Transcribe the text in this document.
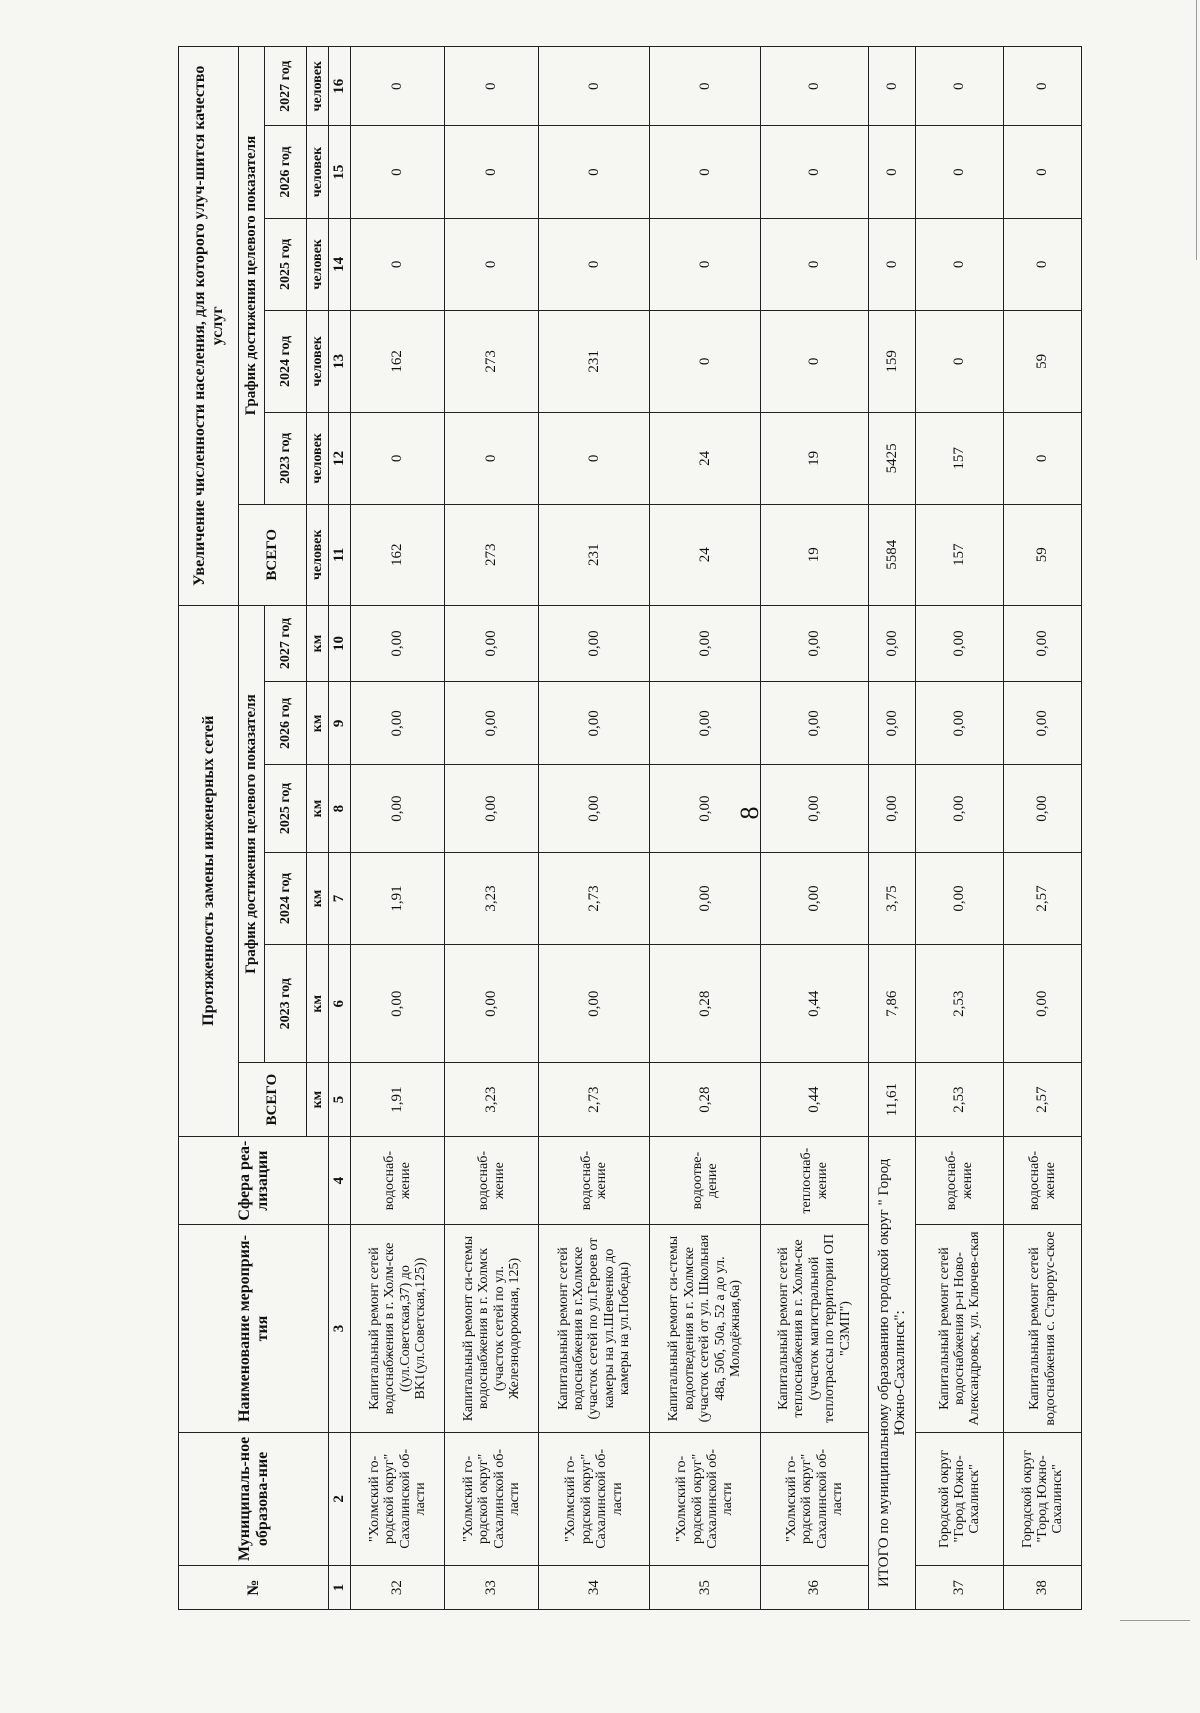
8
№	Муниципаль-ное образова-ние	Наименование мероприя-тия	Сфера реа-лизации	Протяженность замены инженерных сетей						Увеличение численности населения, для которого улуч-шится качество услуг					
				ВСЕГО	График достижения целевого показателя					ВСЕГО	График достижения целевого показателя				
					2023 год	2024 год	2025 год	2026 год	2027 год		2023 год	2024 год	2025 год	2026 год	2027 год
				км	км	км	км	км	км	человек	человек	человек	человек	человек	человек
1	2	3	4	5	6	7	8	9	10	11	12	13	14	15	16
32	"Холмский го-родской округ" Сахалинской об-ласти	Капитальный ремонт сетей водоснабжения в г. Холм-ске ((ул.Советская,37) до ВК1(ул.Советская,125))	водоснаб-жение	1,91	0,00	1,91	0,00	0,00	0,00	162	0	162	0	0	0
33	"Холмский го-родской округ" Сахалинской об-ласти	Капитальный ремонт си-стемы водоснабжения в г. Холмск (участок сетей по ул. Железнодорожная, 125)	водоснаб-жение	3,23	0,00	3,23	0,00	0,00	0,00	273	0	273	0	0	0
34	"Холмский го-родской округ" Сахалинской об-ласти	Капитальный ремонт сетей водоснабжения в г.Холмске (участок сетей по ул.Героев от камеры на ул.Шевченко до камеры на ул.Победы)	водоснаб-жение	2,73	0,00	2,73	0,00	0,00	0,00	231	0	231	0	0	0
35	"Холмский го-родской округ" Сахалинской об-ласти	Капитальный ремонт си-стемы водоотведения в г. Холмске (участок сетей от ул. Школьная 48а, 50б, 50а, 52 а до ул. Молодёжная,6а)	водоотве-дение	0,28	0,28	0,00	0,00	0,00	0,00	24	24	0	0	0	0
36	"Холмский го-родской округ" Сахалинской об-ласти	Капитальный ремонт сетей теплоснабжения в г. Холм-ске (участок магистральной теплотрассы по территории ОП "СЗМП")	теплоснаб-жение	0,44	0,44	0,00	0,00	0,00	0,00	19	19	0	0	0	0
ИТОГО по муниципальному образованию городской округ " Город Южно-Сахалинск":				11,61	7,86	3,75	0,00	0,00	0,00	5584	5425	159	0	0	0
37	Городской округ "Город Южно-Сахалинск"	Капитальный ремонт сетей водоснабжения р-н Ново-Александровск, ул. Ключев-ская	водоснаб-жение	2,53	2,53	0,00	0,00	0,00	0,00	157	157	0	0	0	0
38	Городской округ "Город Южно-Сахалинск"	Капитальный ремонт сетей водоснабжения с. Старорус-ское	водоснаб-жение	2,57	0,00	2,57	0,00	0,00	0,00	59	0	59	0	0	0
